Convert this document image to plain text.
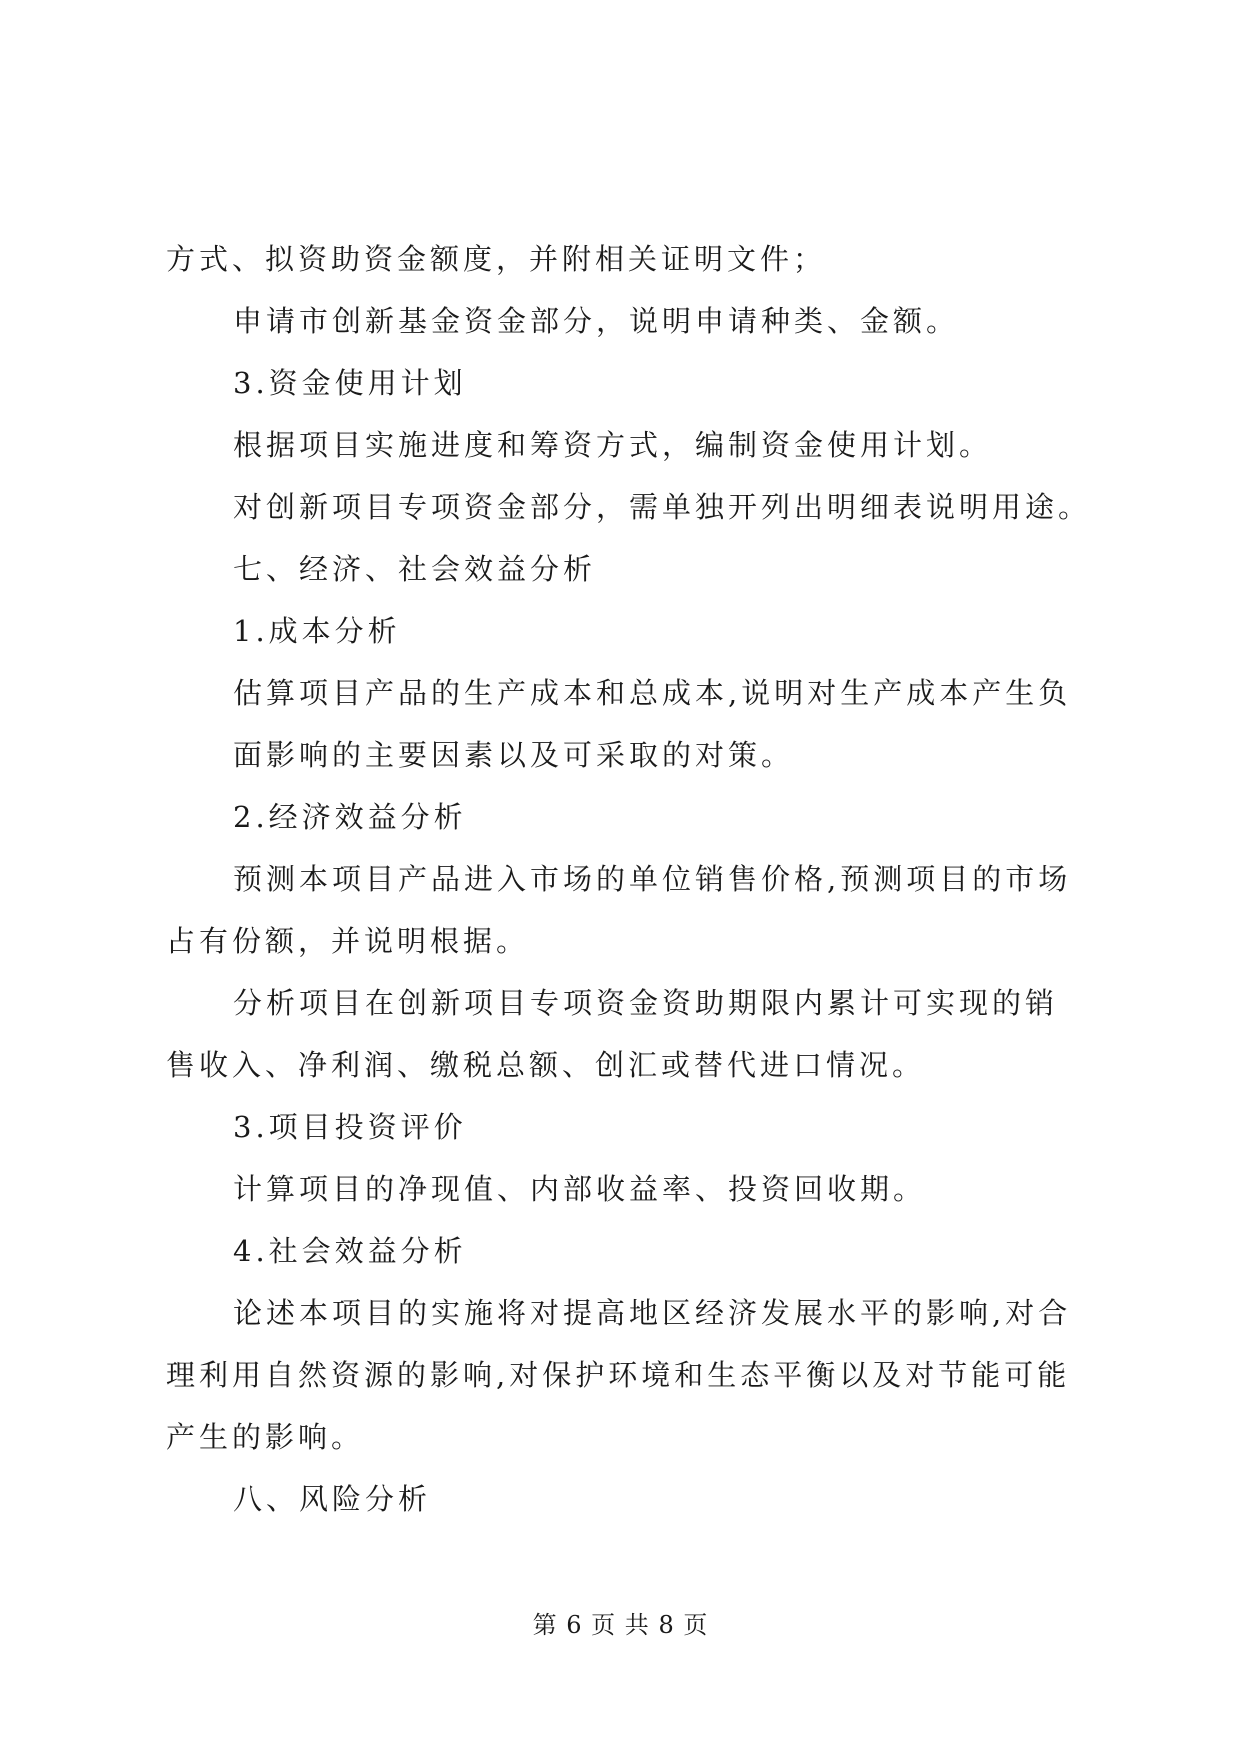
方式、拟资助资金额度，并附相关证明文件；
申请市创新基金资金部分，说明申请种类、金额。
3.资金使用计划
根据项目实施进度和筹资方式，编制资金使用计划。
对创新项目专项资金部分，需单独开列出明细表说明用途。
七、经济、社会效益分析
1.成本分析
估算项目产品的生产成本和总成本,说明对生产成本产生负
面影响的主要因素以及可采取的对策。
2.经济效益分析
预测本项目产品进入市场的单位销售价格,预测项目的市场
占有份额，并说明根据。
分析项目在创新项目专项资金资助期限内累计可实现的销
售收入、净利润、缴税总额、创汇或替代进口情况。
3.项目投资评价
计算项目的净现值、内部收益率、投资回收期。
4.社会效益分析
论述本项目的实施将对提高地区经济发展水平的影响,对合
理利用自然资源的影响,对保护环境和生态平衡以及对节能可能
产生的影响。
八、风险分析
第 6 页 共 8 页
